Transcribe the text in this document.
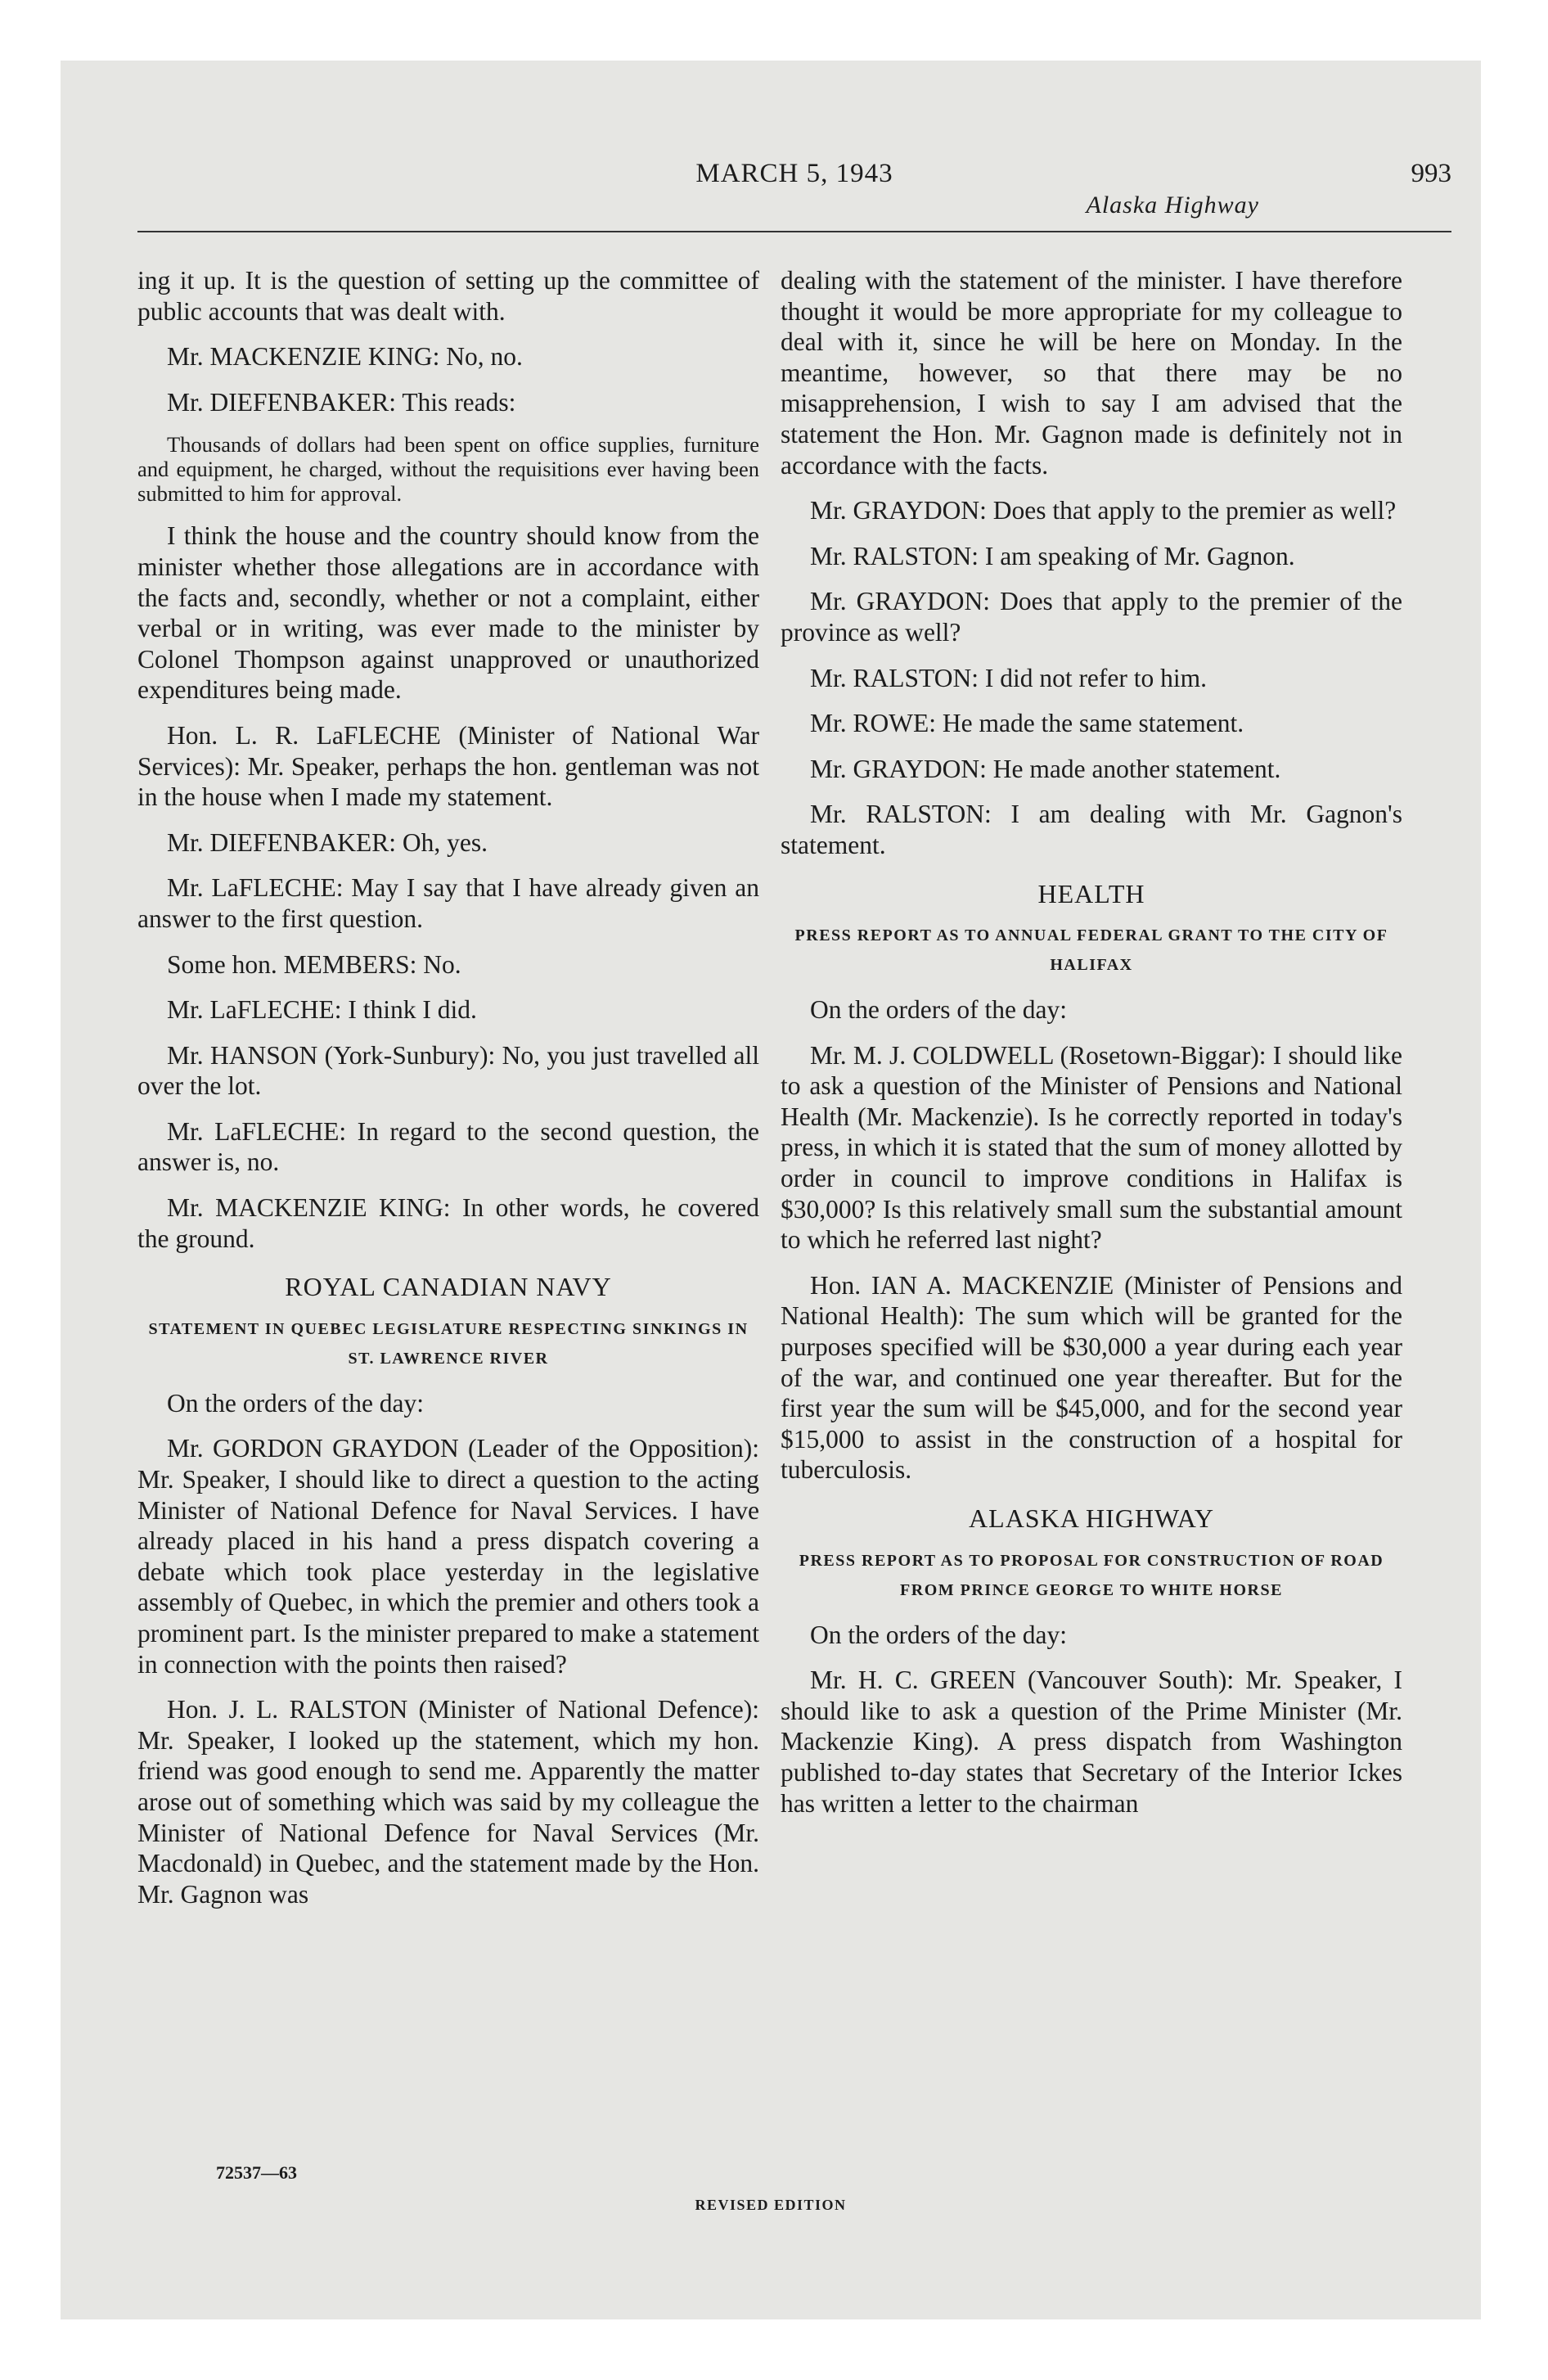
MARCH 5, 1943	993
Alaska Highway

ing it up. It is the question of setting up the committee of public accounts that was dealt with.

Mr. MACKENZIE KING: No, no.

Mr. DIEFENBAKER: This reads:

Thousands of dollars had been spent on office supplies, furniture and equipment, he charged, without the requisitions ever having been submitted to him for approval.

I think the house and the country should know from the minister whether those allegations are in accordance with the facts and, secondly, whether or not a complaint, either verbal or in writing, was ever made to the minister by Colonel Thompson against unapproved or unauthorized expenditures being made.

Hon. L. R. LaFLECHE (Minister of National War Services): Mr. Speaker, perhaps the hon. gentleman was not in the house when I made my statement.

Mr. DIEFENBAKER: Oh, yes.

Mr. LaFLECHE: May I say that I have already given an answer to the first question.

Some hon. MEMBERS: No.

Mr. LaFLECHE: I think I did.

Mr. HANSON (York-Sunbury): No, you just travelled all over the lot.

Mr. LaFLECHE: In regard to the second question, the answer is, no.

Mr. MACKENZIE KING: In other words, he covered the ground.

ROYAL CANADIAN NAVY
STATEMENT IN QUEBEC LEGISLATURE RESPECTING SINKINGS IN ST. LAWRENCE RIVER

On the orders of the day:

Mr. GORDON GRAYDON (Leader of the Opposition): Mr. Speaker, I should like to direct a question to the acting Minister of National Defence for Naval Services. I have already placed in his hand a press dispatch covering a debate which took place yesterday in the legislative assembly of Quebec, in which the premier and others took a prominent part. Is the minister prepared to make a statement in connection with the points then raised?

Hon. J. L. RALSTON (Minister of National Defence): Mr. Speaker, I looked up the statement, which my hon. friend was good enough to send me. Apparently the matter arose out of something which was said by my colleague the Minister of National Defence for Naval Services (Mr. Macdonald) in Quebec, and the statement made by the Hon. Mr. Gagnon was

dealing with the statement of the minister. I have therefore thought it would be more appropriate for my colleague to deal with it, since he will be here on Monday. In the meantime, however, so that there may be no misapprehension, I wish to say I am advised that the statement the Hon. Mr. Gagnon made is definitely not in accordance with the facts.

Mr. GRAYDON: Does that apply to the premier as well?

Mr. RALSTON: I am speaking of Mr. Gagnon.

Mr. GRAYDON: Does that apply to the premier of the province as well?

Mr. RALSTON: I did not refer to him.

Mr. ROWE: He made the same statement.

Mr. GRAYDON: He made another statement.

Mr. RALSTON: I am dealing with Mr. Gagnon's statement.

HEALTH
PRESS REPORT AS TO ANNUAL FEDERAL GRANT TO THE CITY OF HALIFAX

On the orders of the day:

Mr. M. J. COLDWELL (Rosetown-Biggar): I should like to ask a question of the Minister of Pensions and National Health (Mr. Mackenzie). Is he correctly reported in today's press, in which it is stated that the sum of money allotted by order in council to improve conditions in Halifax is $30,000? Is this relatively small sum the substantial amount to which he referred last night?

Hon. IAN A. MACKENZIE (Minister of Pensions and National Health): The sum which will be granted for the purposes specified will be $30,000 a year during each year of the war, and continued one year thereafter. But for the first year the sum will be $45,000, and for the second year $15,000 to assist in the construction of a hospital for tuberculosis.

ALASKA HIGHWAY
PRESS REPORT AS TO PROPOSAL FOR CONSTRUCTION OF ROAD FROM PRINCE GEORGE TO WHITE HORSE

On the orders of the day:

Mr. H. C. GREEN (Vancouver South): Mr. Speaker, I should like to ask a question of the Prime Minister (Mr. Mackenzie King). A press dispatch from Washington published to-day states that Secretary of the Interior Ickes has written a letter to the chairman

72537—63
REVISED EDITION
